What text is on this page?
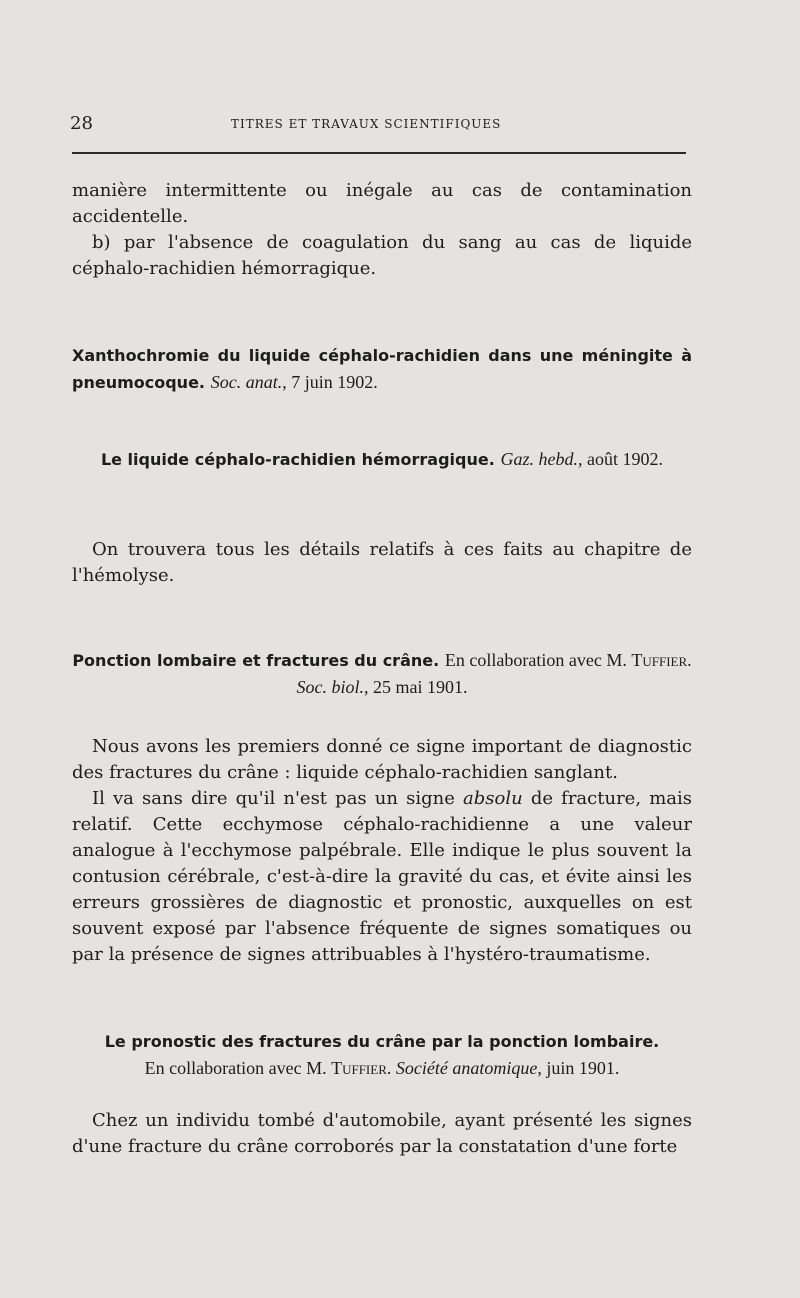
28	TITRES ET TRAVAUX SCIENTIFIQUES

manière intermittente ou inégale au cas de contamination accidentelle.

b) par l'absence de coagulation du sang au cas de liquide céphalo-rachidien hémorragique.

Xanthochromie du liquide céphalo-rachidien dans une méningite à pneumocoque. Soc. anat., 7 juin 1902.
Le liquide céphalo-rachidien hémorragique. Gaz. hebd., août 1902.

On trouvera tous les détails relatifs à ces faits au chapitre de l'hémolyse.

Ponction lombaire et fractures du crâne. En collaboration avec M. Tuffier. Soc. biol., 25 mai 1901.

Nous avons les premiers donné ce signe important de diagnostic des fractures du crâne : liquide céphalo-rachidien sanglant.

Il va sans dire qu'il n'est pas un signe absolu de fracture, mais relatif. Cette ecchymose céphalo-rachidienne a une valeur analogue à l'ecchymose palpébrale. Elle indique le plus souvent la contusion cérébrale, c'est-à-dire la gravité du cas, et évite ainsi les erreurs grossières de diagnostic et pronostic, auxquelles on est souvent exposé par l'absence fréquente de signes somatiques ou par la présence de signes attribuables à l'hystéro-traumatisme.

Le pronostic des fractures du crâne par la ponction lombaire.
En collaboration avec M. Tuffier. Société anatomique, juin 1901.

Chez un individu tombé d'automobile, ayant présenté les signes d'une fracture du crâne corroborés par la constatation d'une forte
